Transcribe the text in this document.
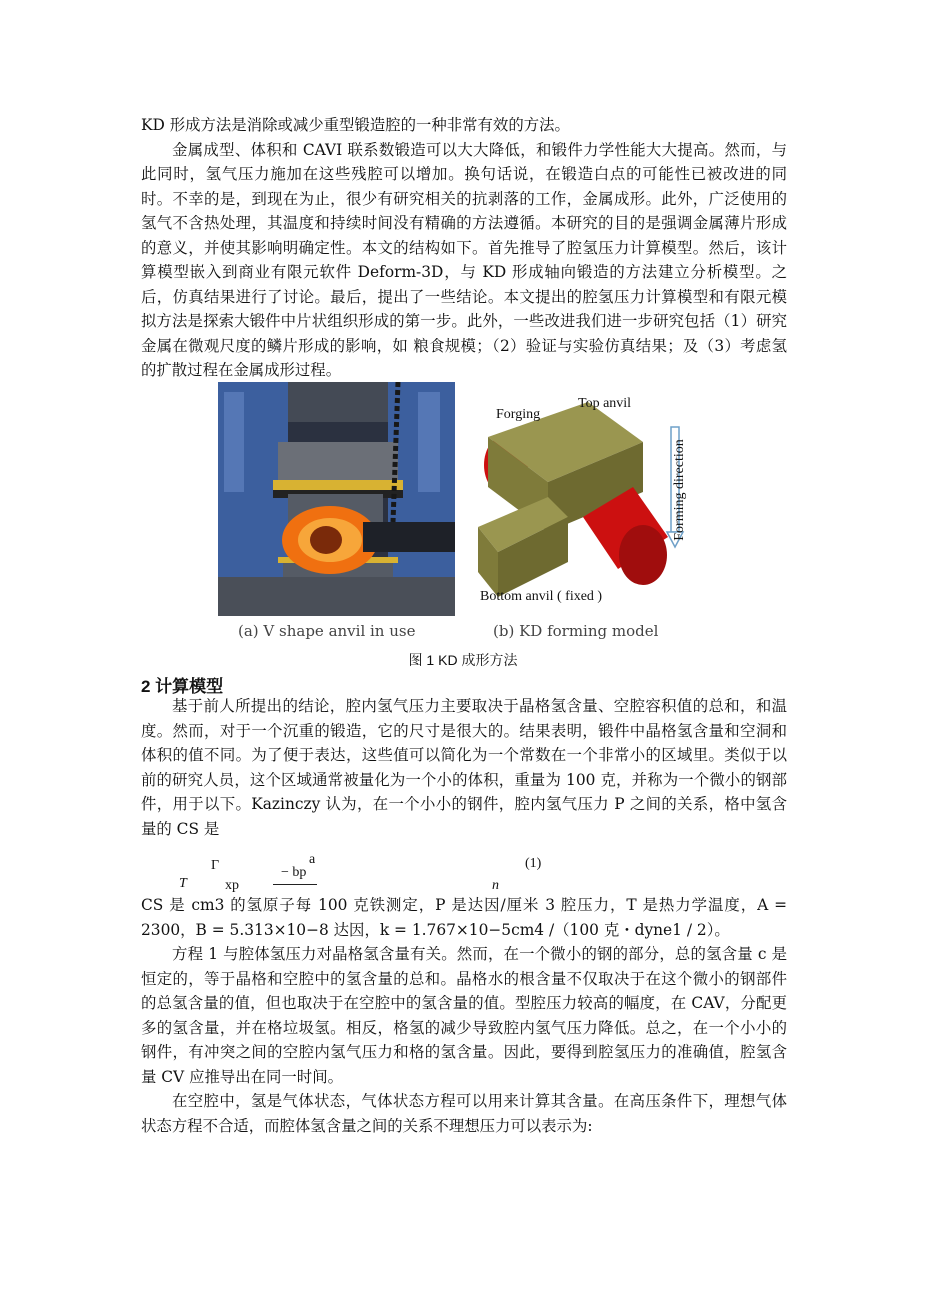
KD 形成方法是消除或减少重型锻造腔的一种非常有效的方法。

金属成型、体积和 CAVI 联系数锻造可以大大降低，和锻件力学性能大大提高。然而，与此同时，氢气压力施加在这些残腔可以增加。换句话说，在锻造白点的可能性已被改进的同时。不幸的是，到现在为止，很少有研究相关的抗剥落的工作，金属成形。此外，广泛使用的氢气不含热处理，其温度和持续时间没有精确的方法遵循。本研究的目的是强调金属薄片形成的意义，并使其影响明确定性。本文的结构如下。首先推导了腔氢压力计算模型。然后，该计算模型嵌入到商业有限元软件 Deform-3D，与 KD 形成轴向锻造的方法建立分析模型。之后，仿真结果进行了讨论。最后，提出了一些结论。本文提出的腔氢压力计算模型和有限元模拟方法是探索大锻件中片状组织形成的第一步。此外，一些改进我们进一步研究包括（1）研究金属在微观尺度的鳞片形成的影响，如 粮食规模；（2）验证与实验仿真结果；及（3）考虑氢的扩散过程在金属成形过程。

Forging
Top anvil
Forming direction
Bottom anvil ( fixed )
(a) V shape anvil in use	(b) KD forming model
图 1 KD 成形方法
2 计算模型

基于前人所提出的结论，腔内氢气压力主要取决于晶格氢含量、空腔容积值的总和，和温度。然而，对于一个沉重的锻造，它的尺寸是很大的。结果表明，锻件中晶格氢含量和空洞和体积的值不同。为了便于表达，这些值可以简化为一个常数在一个非常小的区域里。类似于以前的研究人员，这个区域通常被量化为一个小的体积，重量为 100 克，并称为一个微小的钢部件，用于以下。Kazinczy 认为，在一个小小的钢件，腔内氢气压力 P 之间的关系，格中氢含量的 CS 是

a
Γ	− bp
T	xp
(1)
n

CS 是 cm3 的氢原子每 100 克铁测定，P 是达因/厘米 3 腔压力，T 是热力学温度，A = 2300，B = 5.313×10−8 达因，k = 1.767×10−5cm4 /（100 克・dyne1 / 2）。

方程 1 与腔体氢压力对晶格氢含量有关。然而，在一个微小的钢的部分，总的氢含量 c 是恒定的，等于晶格和空腔中的氢含量的总和。晶格水的根含量不仅取决于在这个微小的钢部件的总氢含量的值，但也取决于在空腔中的氢含量的值。型腔压力较高的幅度，在 CAV，分配更多的氢含量，并在格垃圾氢。相反，格氢的减少导致腔内氢气压力降低。总之，在一个小小的钢件，有冲突之间的空腔内氢气压力和格的氢含量。因此，要得到腔氢压力的准确值，腔氢含量 CV 应推导出在同一时间。

在空腔中，氢是气体状态，气体状态方程可以用来计算其含量。在高压条件下，理想气体状态方程不合适，而腔体氢含量之间的关系不理想压力可以表示为:
